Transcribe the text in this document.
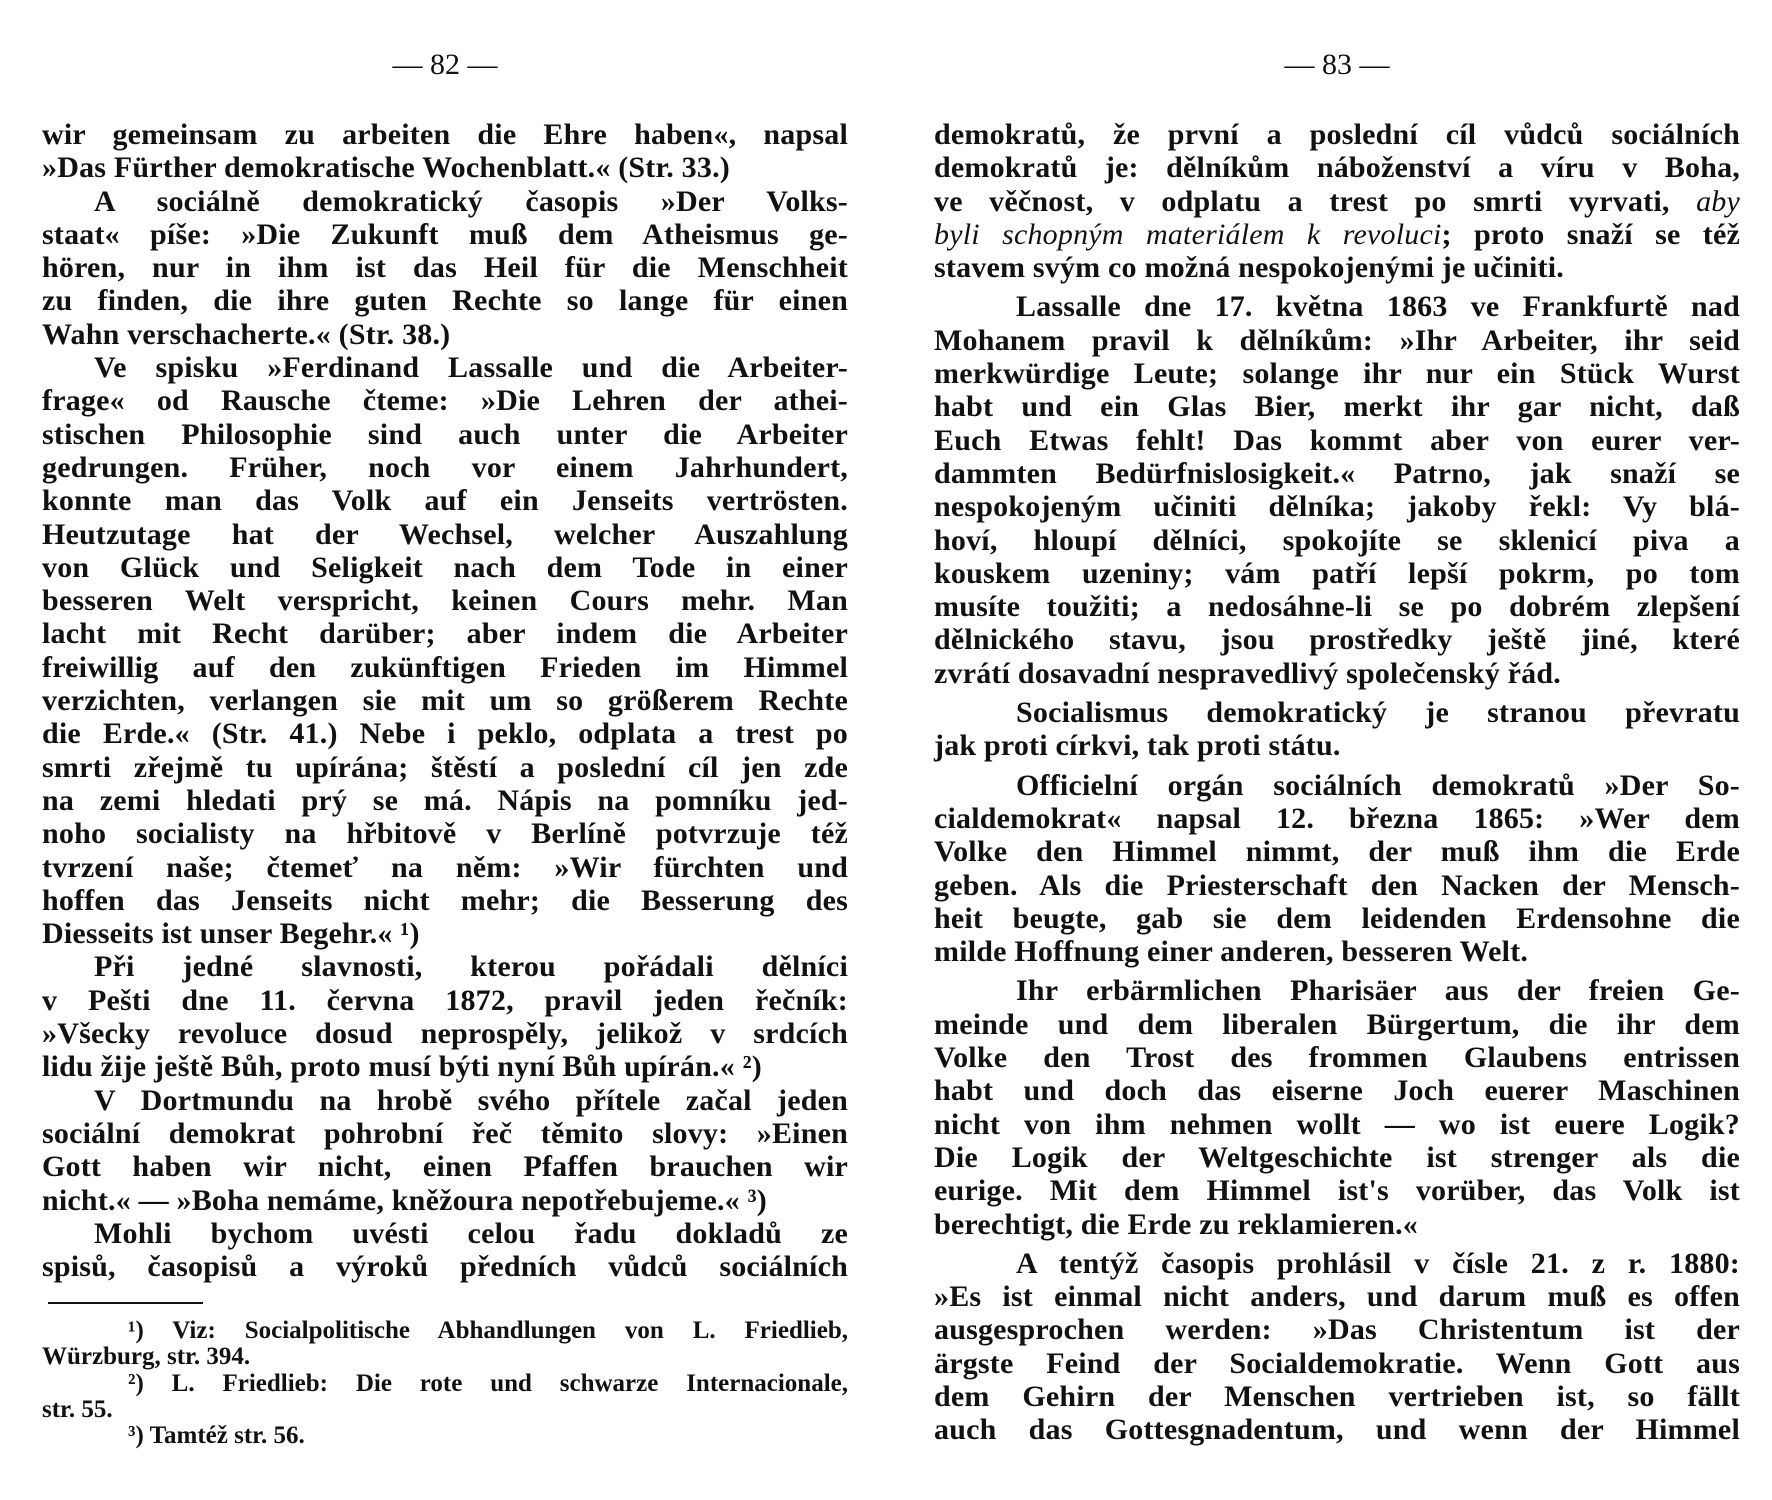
— 82 —
wir gemeinsam zu arbeiten die Ehre haben«, napsal
»Das Fürther demokratische Wochenblatt.« (Str. 33.)
A sociálně demokratický časopis »Der Volks-
staat« píše: »Die Zukunft muß dem Atheismus ge-
hören, nur in ihm ist das Heil für die Menschheit
zu finden, die ihre guten Rechte so lange für einen
Wahn verschacherte.« (Str. 38.)
Ve spisku »Ferdinand Lassalle und die Arbeiter-
frage« od Rausche čteme: »Die Lehren der athei-
stischen Philosophie sind auch unter die Arbeiter
gedrungen. Früher, noch vor einem Jahrhundert,
konnte man das Volk auf ein Jenseits vertrösten.
Heutzutage hat der Wechsel, welcher Auszahlung
von Glück und Seligkeit nach dem Tode in einer
besseren Welt verspricht, keinen Cours mehr. Man
lacht mit Recht darüber; aber indem die Arbeiter
freiwillig auf den zukünftigen Frieden im Himmel
verzichten, verlangen sie mit um so größerem Rechte
die Erde.« (Str. 41.) Nebe i peklo, odplata a trest po
smrti zřejmě tu upírána; štěstí a poslední cíl jen zde
na zemi hledati prý se má. Nápis na pomníku jed-
noho socialisty na hřbitově v Berlíně potvrzuje též
tvrzení naše; čtemeť na něm: »Wir fürchten und
hoffen das Jenseits nicht mehr; die Besserung des
Diesseits ist unser Begehr.« ¹)
Při jedné slavnosti, kterou pořádali dělníci
v Pešti dne 11. června 1872, pravil jeden řečník:
»Všecky revoluce dosud neprospěly, jelikož v srdcích
lidu žije ještě Bůh, proto musí býti nyní Bůh upírán.« ²)
V Dortmundu na hrobě svého přítele začal jeden
sociální demokrat pohrobní řeč těmito slovy: »Einen
Gott haben wir nicht, einen Pfaffen brauchen wir
nicht.« — »Boha nemáme, kněžoura nepotřebujeme.« ³)
Mohli bychom uvésti celou řadu dokladů ze
spisů, časopisů a výroků předních vůdců sociálních
¹) Viz: Socialpolitische Abhandlungen von L. Friedlieb,
Würzburg, str. 394.
²) L. Friedlieb: Die rote und schwarze Internacionale,
str. 55.
³) Tamtéž str. 56.
— 83 —
demokratů, že první a poslední cíl vůdců sociálních
demokratů je: dělníkům náboženství a víru v Boha,
ve věčnost, v odplatu a trest po smrti vyrvati, aby
byli schopným materiálem k revoluci; proto snaží se též
stavem svým co možná nespokojenými je učiniti.
Lassalle dne 17. května 1863 ve Frankfurtě nad
Mohanem pravil k dělníkům: »Ihr Arbeiter, ihr seid
merkwürdige Leute; solange ihr nur ein Stück Wurst
habt und ein Glas Bier, merkt ihr gar nicht, daß
Euch Etwas fehlt! Das kommt aber von eurer ver-
dammten Bedürfnislosigkeit.« Patrno, jak snaží se
nespokojeným učiniti dělníka; jakoby řekl: Vy blá-
hoví, hloupí dělníci, spokojíte se sklenicí piva a
kouskem uzeniny; vám patří lepší pokrm, po tom
musíte toužiti; a nedosáhne-li se po dobrém zlepšení
dělnického stavu, jsou prostředky ještě jiné, které
zvrátí dosavadní nespravedlivý společenský řád.
Socialismus demokratický je stranou převratu
jak proti církvi, tak proti státu.
Officielní orgán sociálních demokratů »Der So-
cialdemokrat« napsal 12. března 1865: »Wer dem
Volke den Himmel nimmt, der muß ihm die Erde
geben. Als die Priesterschaft den Nacken der Mensch-
heit beugte, gab sie dem leidenden Erdensohne die
milde Hoffnung einer anderen, besseren Welt.
Ihr erbärmlichen Pharisäer aus der freien Ge-
meinde und dem liberalen Bürgertum, die ihr dem
Volke den Trost des frommen Glaubens entrissen
habt und doch das eiserne Joch euerer Maschinen
nicht von ihm nehmen wollt — wo ist euere Logik?
Die Logik der Weltgeschichte ist strenger als die
eurige. Mit dem Himmel ist's vorüber, das Volk ist
berechtigt, die Erde zu reklamieren.«
A tentýž časopis prohlásil v čísle 21. z r. 1880:
»Es ist einmal nicht anders, und darum muß es offen
ausgesprochen werden: »Das Christentum ist der
ärgste Feind der Socialdemokratie. Wenn Gott aus
dem Gehirn der Menschen vertrieben ist, so fällt
auch das Gottesgnadentum, und wenn der Himmel
